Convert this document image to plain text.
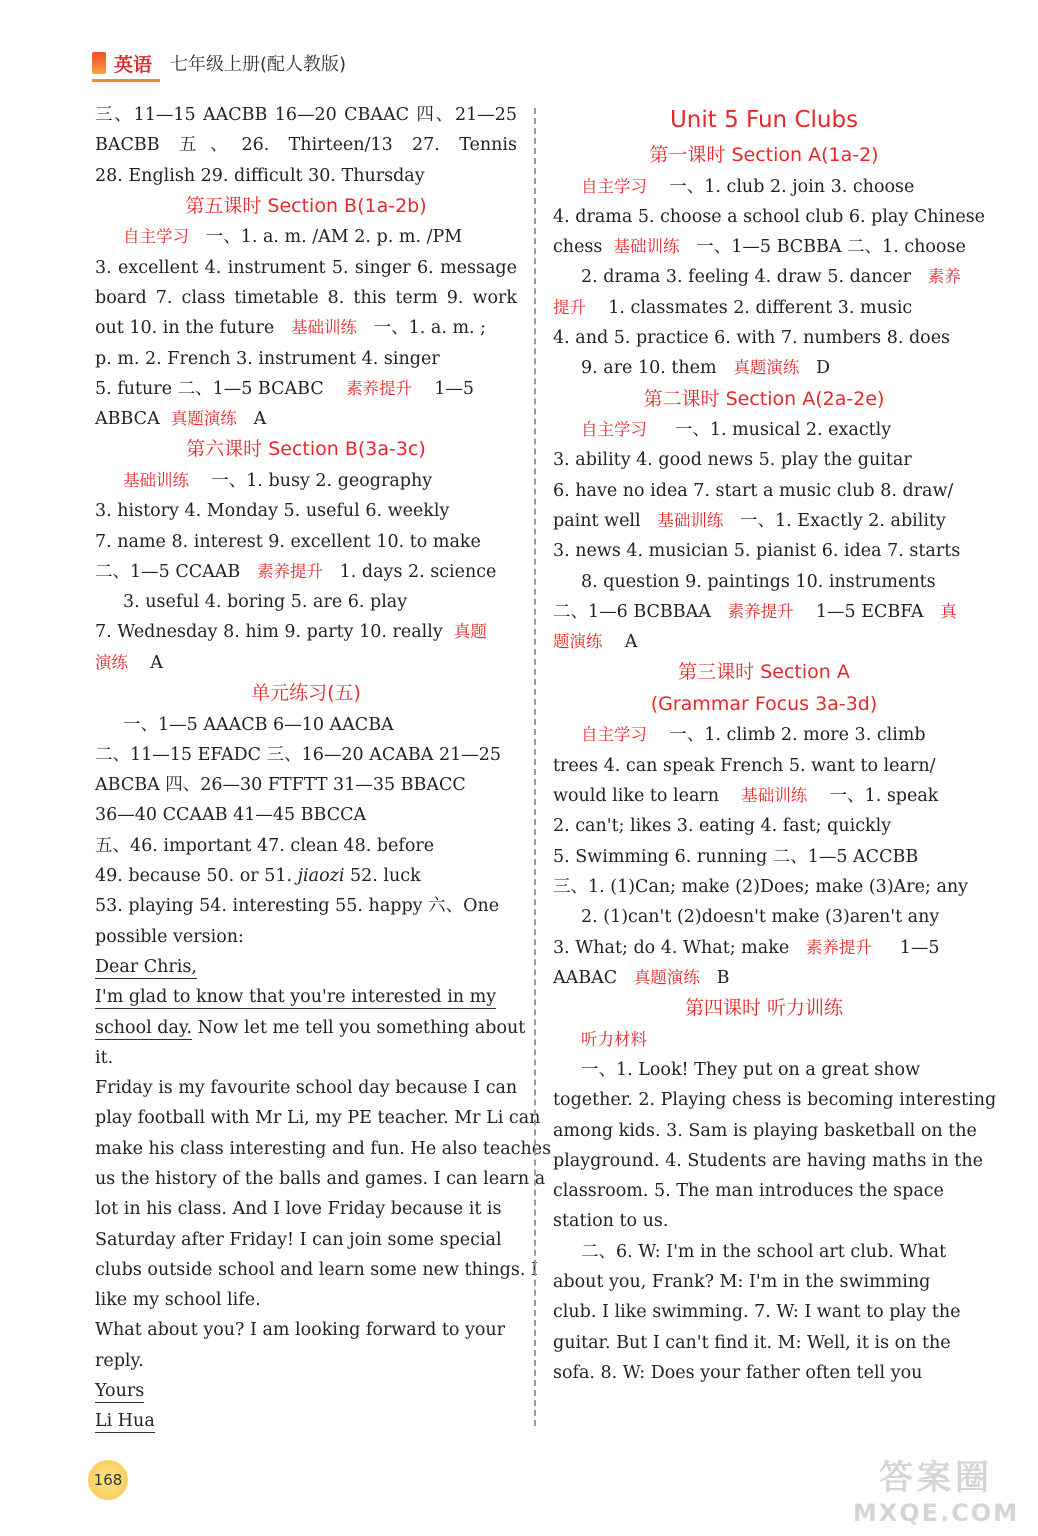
英语 七年级上册(配人教版)
三、11—15 AACBB 16—20 CBAAC 四、21—25
BACBB 五、26. Thirteen/13 27. Tennis
28. English 29. difficult 30. Thursday
第五课时 Section B(1a-2b)
自主学习 一、1. a. m. /AM 2. p. m. /PM
3. excellent 4. instrument 5. singer 6. message
board 7. class timetable 8. this term 9. work
out 10. in the future 基础训练 一、1. a. m. ;
p. m. 2. French 3. instrument 4. singer
5. future 二、1—5 BCABC 素养提升 1—5
ABBCA 真题演练 A
第六课时 Section B(3a-3c)
基础训练 一、1. busy 2. geography
3. history 4. Monday 5. useful 6. weekly
7. name 8. interest 9. excellent 10. to make
二、1—5 CCAAB 素养提升 1. days 2. science
3. useful 4. boring 5. are 6. play
7. Wednesday 8. him 9. party 10. really 真题
演练 A
单元练习(五)
一、1—5 AAACB 6—10 AACBA
二、11—15 EFADC 三、16—20 ACABA 21—25
ABCBA 四、26—30 FTFTT 31—35 BBACC
36—40 CCAAB 41—45 BBCCA
五、46. important 47. clean 48. before
49. because 50. or 51. jiaozi 52. luck
53. playing 54. interesting 55. happy 六、One
possible version:
Dear Chris,
I'm glad to know that you're interested in my
school day. Now let me tell you something about
it.
Friday is my favourite school day because I can
play football with Mr Li, my PE teacher. Mr Li can
make his class interesting and fun. He also teaches
us the history of the balls and games. I can learn a
lot in his class. And I love Friday because it is
Saturday after Friday! I can join some special
clubs outside school and learn some new things. I
like my school life.
What about you? I am looking forward to your
reply.
Yours
Li Hua
Unit 5 Fun Clubs
第一课时 Section A(1a-2)
自主学习 一、1. club 2. join 3. choose
4. drama 5. choose a school club 6. play Chinese
chess 基础训练 一、1—5 BCBBA 二、1. choose
2. drama 3. feeling 4. draw 5. dancer 素养
提升 1. classmates 2. different 3. music
4. and 5. practice 6. with 7. numbers 8. does
9. are 10. them 真题演练 D
第二课时 Section A(2a-2e)
自主学习 一、1. musical 2. exactly
3. ability 4. good news 5. play the guitar
6. have no idea 7. start a music club 8. draw/
paint well 基础训练 一、1. Exactly 2. ability
3. news 4. musician 5. pianist 6. idea 7. starts
8. question 9. paintings 10. instruments
二、1—6 BCBBAA 素养提升 1—5 ECBFA 真
题演练 A
第三课时 Section A
(Grammar Focus 3a-3d)
自主学习 一、1. climb 2. more 3. climb
trees 4. can speak French 5. want to learn/
would like to learn 基础训练 一、1. speak
2. can't; likes 3. eating 4. fast; quickly
5. Swimming 6. running 二、1—5 ACCBB
三、1. (1)Can; make (2)Does; make (3)Are; any
2. (1)can't (2)doesn't make (3)aren't any
3. What; do 4. What; make 素养提升 1—5
AABAC 真题演练 B
第四课时 听力训练
听力材料
一、1. Look! They put on a great show
together. 2. Playing chess is becoming interesting
among kids. 3. Sam is playing basketball on the
playground. 4. Students are having maths in the
classroom. 5. The man introduces the space
station to us.
二、6. W: I'm in the school art club. What
about you, Frank? M: I'm in the swimming
club. I like swimming. 7. W: I want to play the
guitar. But I can't find it. M: Well, it is on the
sofa. 8. W: Does your father often tell you
168	答案圈
MXQE.COM
